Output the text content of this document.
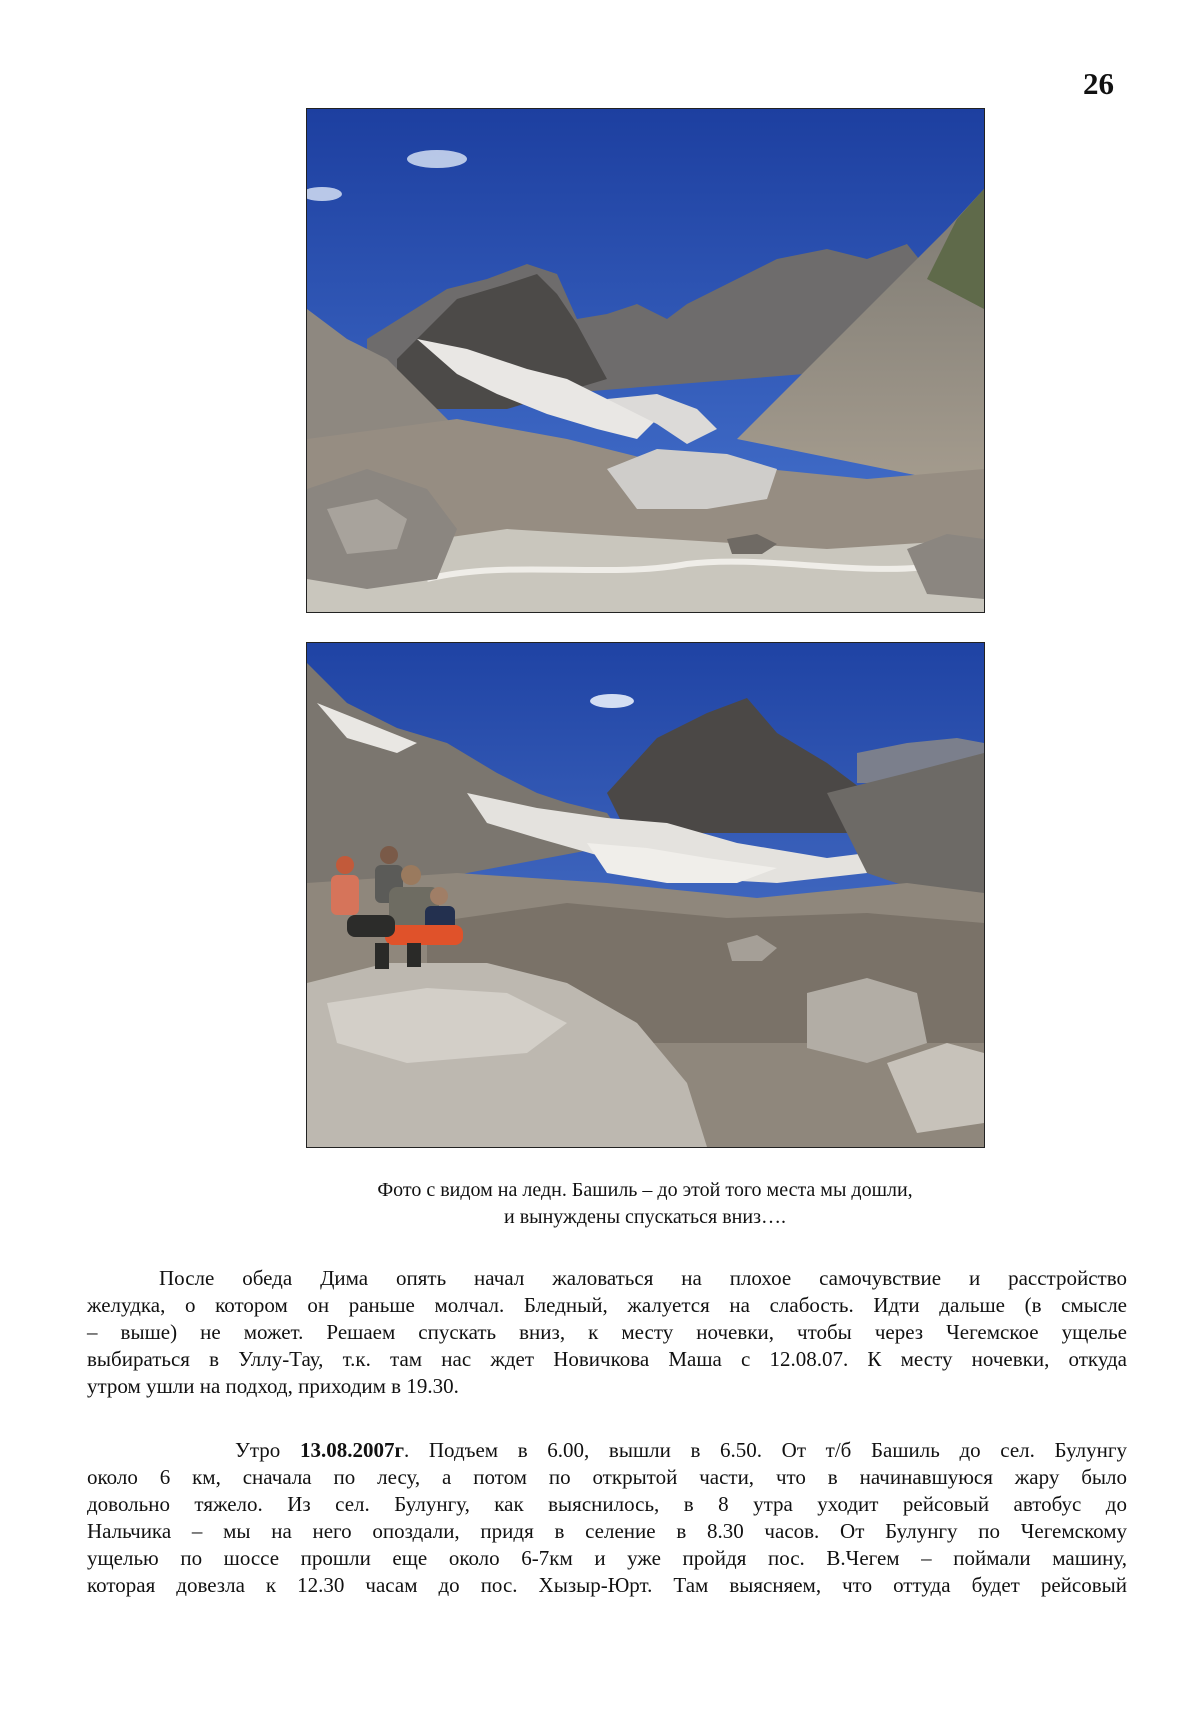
26
Фото с видом на ледн. Башиль – до этой того места мы дошли,
и вынуждены спускаться вниз….
После обеда Дима опять начал жаловаться на плохое самочувствие и расстройство
желудка, о котором он раньше молчал. Бледный, жалуется на слабость. Идти дальше (в смысле
– выше) не может. Решаем спускать вниз, к месту ночевки, чтобы через Чегемское ущелье
выбираться в Уллу-Тау, т.к. там нас ждет Новичкова Маша с 12.08.07. К месту ночевки, откуда
утром ушли на подход, приходим в 19.30.
Утро 13.08.2007г. Подъем в 6.00, вышли в 6.50. От т/б Башиль до сел. Булунгу
около 6 км, сначала по лесу, а потом по открытой части, что в начинавшуюся жару было
довольно тяжело. Из сел. Булунгу, как выяснилось, в 8 утра уходит рейсовый автобус до
Нальчика – мы на него опоздали, придя в селение в 8.30 часов. От Булунгу по Чегемскому
ущелью по шоссе прошли еще около 6-7км и уже пройдя пос. В.Чегем – поймали машину,
которая довезла к 12.30 часам до пос. Хызыр-Юрт. Там выясняем, что оттуда будет рейсовый
